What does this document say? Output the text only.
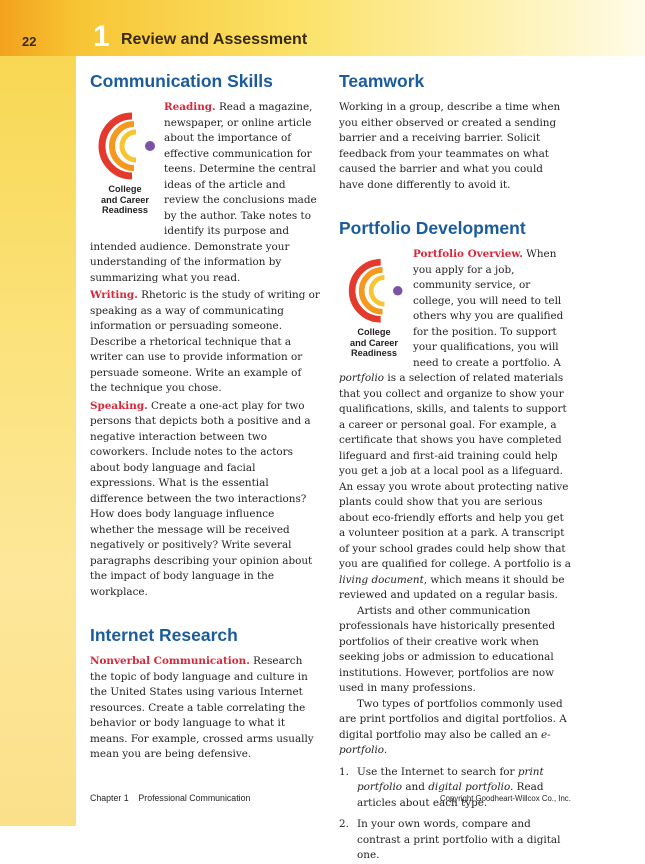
22 1 Review and Assessment
Communication Skills
College
and Career
Readiness

Reading. Read a magazine, newspaper, or online article about the importance of effective communication for teens. Determine the central ideas of the article and review the conclusions made by the author. Take notes to identify its purpose and intended audience. Demonstrate your understanding of the information by summarizing what you read.

Writing. Rhetoric is the study of writing or speaking as a way of communicating information or persuading someone. Describe a rhetorical technique that a writer can use to provide information or persuade someone. Write an example of the technique you chose.

Speaking. Create a one-act play for two persons that depicts both a positive and a negative interaction between two coworkers. Include notes to the actors about body language and facial expressions. What is the essential difference between the two interactions? How does body language influence whether the message will be received negatively or positively? Write several paragraphs describing your opinion about the impact of body language in the workplace.

Internet Research

Nonverbal Communication. Research the topic of body language and culture in the United States using various Internet resources. Create a table correlating the behavior or body language to what it means. For example, crossed arms usually mean you are being defensive.

Teamwork

Working in a group, describe a time when you either observed or created a sending barrier and a receiving barrier. Solicit feedback from your teammates on what caused the barrier and what you could have done differently to avoid it.

Portfolio Development
College
and Career
Readiness

Portfolio Overview. When you apply for a job, community service, or college, you will need to tell others why you are qualified for the position. To support your qualifications, you will need to create a portfolio. A portfolio is a selection of related materials that you collect and organize to show your qualifications, skills, and talents to support a career or personal goal. For example, a certificate that shows you have completed lifeguard and first-aid training could help you get a job at a local pool as a lifeguard. An essay you wrote about protecting native plants could show that you are serious about eco-friendly efforts and help you get a volunteer position at a park. A transcript of your school grades could help show that you are qualified for college. A portfolio is a living document, which means it should be reviewed and updated on a regular basis.

Artists and other communication professionals have historically presented portfolios of their creative work when seeking jobs or admission to educational institutions. However, portfolios are now used in many professions.

Two types of portfolios commonly used are print portfolios and digital portfolios. A digital portfolio may also be called an e-portfolio.

1. Use the Internet to search for print portfolio and digital portfolio. Read articles about each type.
2. In your own words, compare and contrast a print portfolio with a digital one.
Chapter 1    Professional Communication	Copyright Goodheart-Willcox Co., Inc.
